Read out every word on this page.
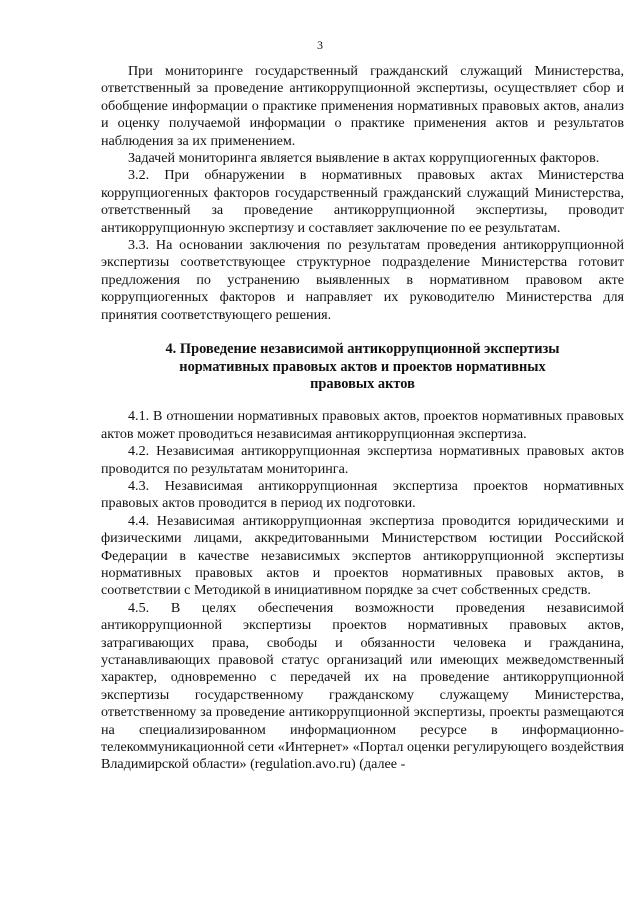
3

При мониторинге государственный гражданский служащий Министерства, ответственный за проведение антикоррупционной экспертизы, осуществляет сбор и обобщение информации о практике применения нормативных правовых актов, анализ и оценку получаемой информации о практике применения актов и результатов наблюдения за их применением.

Задачей мониторинга является выявление в актах коррупциогенных факторов.

3.2. При обнаружении в нормативных правовых актах Министерства коррупциогенных факторов государственный гражданский служащий Министерства, ответственный за проведение антикоррупционной экспертизы, проводит антикоррупционную экспертизу и составляет заключение по ее результатам.

3.3. На основании заключения по результатам проведения антикоррупционной экспертизы соответствующее структурное подразделение Министерства готовит предложения по устранению выявленных в нормативном правовом акте коррупциогенных факторов и направляет их руководителю Министерства для принятия соответствующего решения.

4. Проведение независимой антикоррупционной экспертизы
нормативных правовых актов и проектов нормативных
правовых актов

4.1. В отношении нормативных правовых актов, проектов нормативных правовых актов может проводиться независимая антикоррупционная экспертиза.

4.2. Независимая антикоррупционная экспертиза нормативных правовых актов проводится по результатам мониторинга.

4.3. Независимая антикоррупционная экспертиза проектов нормативных правовых актов проводится в период их подготовки.

4.4. Независимая антикоррупционная экспертиза проводится юридическими и физическими лицами, аккредитованными Министерством юстиции Российской Федерации в качестве независимых экспертов антикоррупционной экспертизы нормативных правовых актов и проектов нормативных правовых актов, в соответствии с Методикой в инициативном порядке за счет собственных средств.

4.5. В целях обеспечения возможности проведения независимой антикоррупционной экспертизы проектов нормативных правовых актов, затрагивающих права, свободы и обязанности человека и гражданина, устанавливающих правовой статус организаций или имеющих межведомственный характер, одновременно с передачей их на проведение антикоррупционной экспертизы государственному гражданскому служащему Министерства, ответственному за проведение антикоррупционной экспертизы, проекты размещаются на специализированном информационном ресурсе в информационно-телекоммуникационной сети «Интернет» «Портал оценки регулирующего воздействия Владимирской области» (regulation.avo.ru) (далее -
